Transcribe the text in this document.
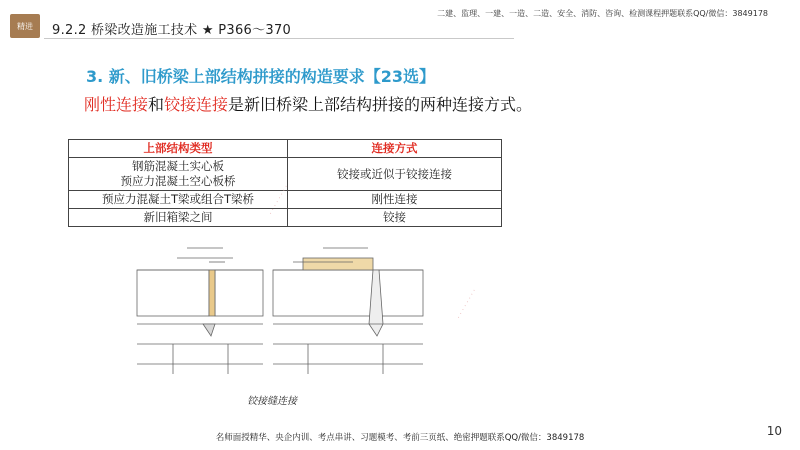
精进	9.2.2 桥梁改造施工技术 ★ P366～370
二建、监理、一建、一造、二造、安全、消防、咨询、检测课程押题联系QQ/微信：3849178
3. 新、旧桥梁上部结构拼接的构造要求【23选】
刚性连接和铰接连接是新旧桥梁上部结构拼接的两种连接方式。
上部结构类型	连接方式

钢筋混凝土实心板
预应力混凝土空心板桥	铰接或近似于铰接连接
预应力混凝土T梁或组合T梁桥	刚性连接
新旧箱梁之间	铰接
· · · · · · · ·
· · · · · · · ·
铰接缝连接
名师面授精华、央企内训、考点串讲、习题模考、考前三页纸、绝密押题联系QQ/微信：3849178	10
